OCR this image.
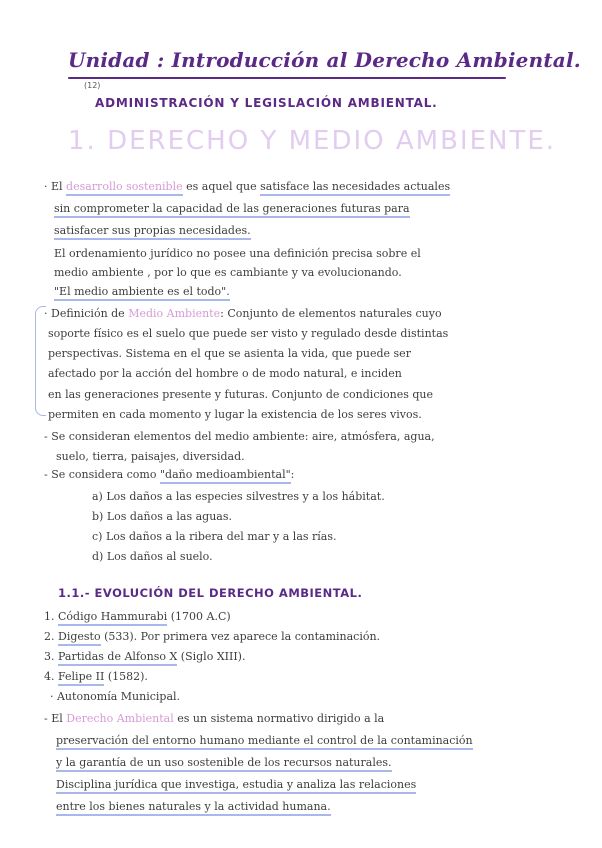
Unidad : Introducción al Derecho Ambiental.
(12)
ADMINISTRACIÓN Y LEGISLACIÓN AMBIENTAL.
1. DERECHO Y MEDIO AMBIENTE.
· El desarrollo sostenible es aquel que satisface las necesidades actuales
sin comprometer la capacidad de las generaciones futuras para
satisfacer sus propias necesidades.
El ordenamiento jurídico no posee una definición precisa sobre el
medio ambiente , por lo que es cambiante y va evolucionando.
"El medio ambiente es el todo".
· Definición de Medio Ambiente: Conjunto de elementos naturales cuyo
soporte físico es el suelo que puede ser visto y regulado desde distintas
perspectivas. Sistema en el que se asienta la vida, que puede ser
afectado por la acción del hombre o de modo natural, e inciden
en las generaciones presente y futuras. Conjunto de condiciones que
permiten en cada momento y lugar la existencia de los seres vivos.
- Se consideran elementos del medio ambiente: aire, atmósfera, agua,
suelo, tierra, paisajes, diversidad.
- Se considera como "daño medioambiental":
a) Los daños a las especies silvestres y a los hábitat.
b) Los daños a las aguas.
c) Los daños a la ribera del mar y a las rías.
d) Los daños al suelo.
1.1.- EVOLUCIÓN DEL DERECHO AMBIENTAL.
1. Código Hammurabi (1700 A.C)
2. Digesto (533). Por primera vez aparece la contaminación.
3. Partidas de Alfonso X (Siglo XIII).
4. Felipe II (1582).
· Autonomía Municipal.
- El Derecho Ambiental es un sistema normativo dirigido a la
preservación del entorno humano mediante el control de la contaminación
y la garantía de un uso sostenible de los recursos naturales.
Disciplina jurídica que investiga, estudia y analiza las relaciones
entre los bienes naturales y la actividad humana.
